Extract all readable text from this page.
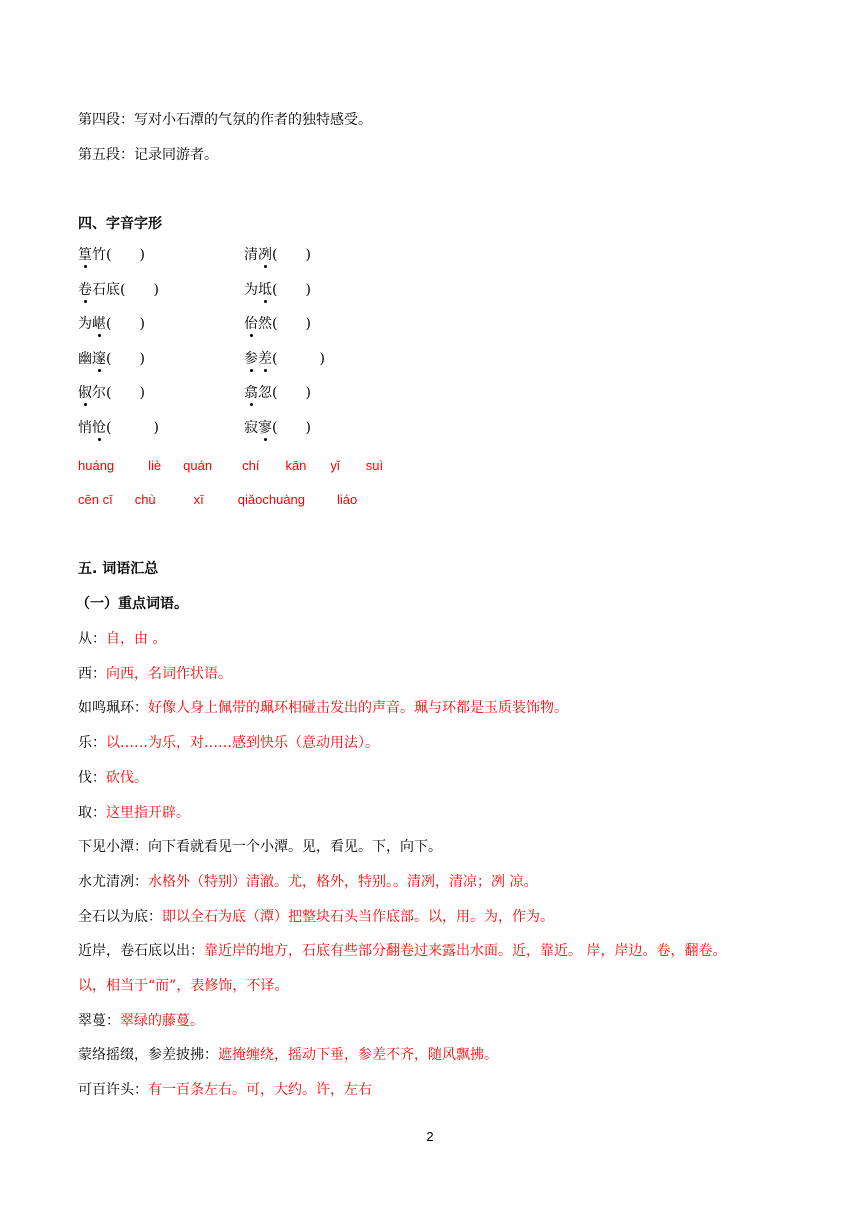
第四段：写对小石潭的气氛的作者的独特感受。
第五段：记录同游者。
四、字音字形
篁竹(　　)	清冽(　　)
卷石底(　　)	为坻(　　)
为嵁(　　)	佁然(　　)
幽邃(　　)	参差(　　　)
俶尔(　　)	翕忽(　　)
悄怆(　　　)	寂寥(　　)
huáng	liè quán chí kān yǐ suì
cēn cī chù	xī	qiǎochuàng liáo
五. 词语汇总
（一）重点词语。
从：自，由 。
西：向西，名词作状语。
如鸣珮环：好像人身上佩带的珮环相碰击发出的声音。珮与环都是玉质装饰物。
乐：以……为乐，对……感到快乐（意动用法）。
伐：砍伐。
取：这里指开辟。
下见小潭：向下看就看见一个小潭。见，看见。下，向下。
水尤清冽：水格外（特别）清澈。尤，格外，特别。。清冽，清凉；冽 凉。
全石以为底：即以全石为底（潭）把整块石头当作底部。以，用。为，作为。
近岸，卷石底以出：靠近岸的地方，石底有些部分翻卷过来露出水面。近，靠近。 岸，岸边。卷，翻卷。
以，相当于“而”，表修饰，不译。
翠蔓：翠绿的藤蔓。
蒙络摇缀，参差披拂：遮掩缠绕，摇动下垂，参差不齐，随风飘拂。
可百许头：有一百条左右。可，大约。许，左右
2
